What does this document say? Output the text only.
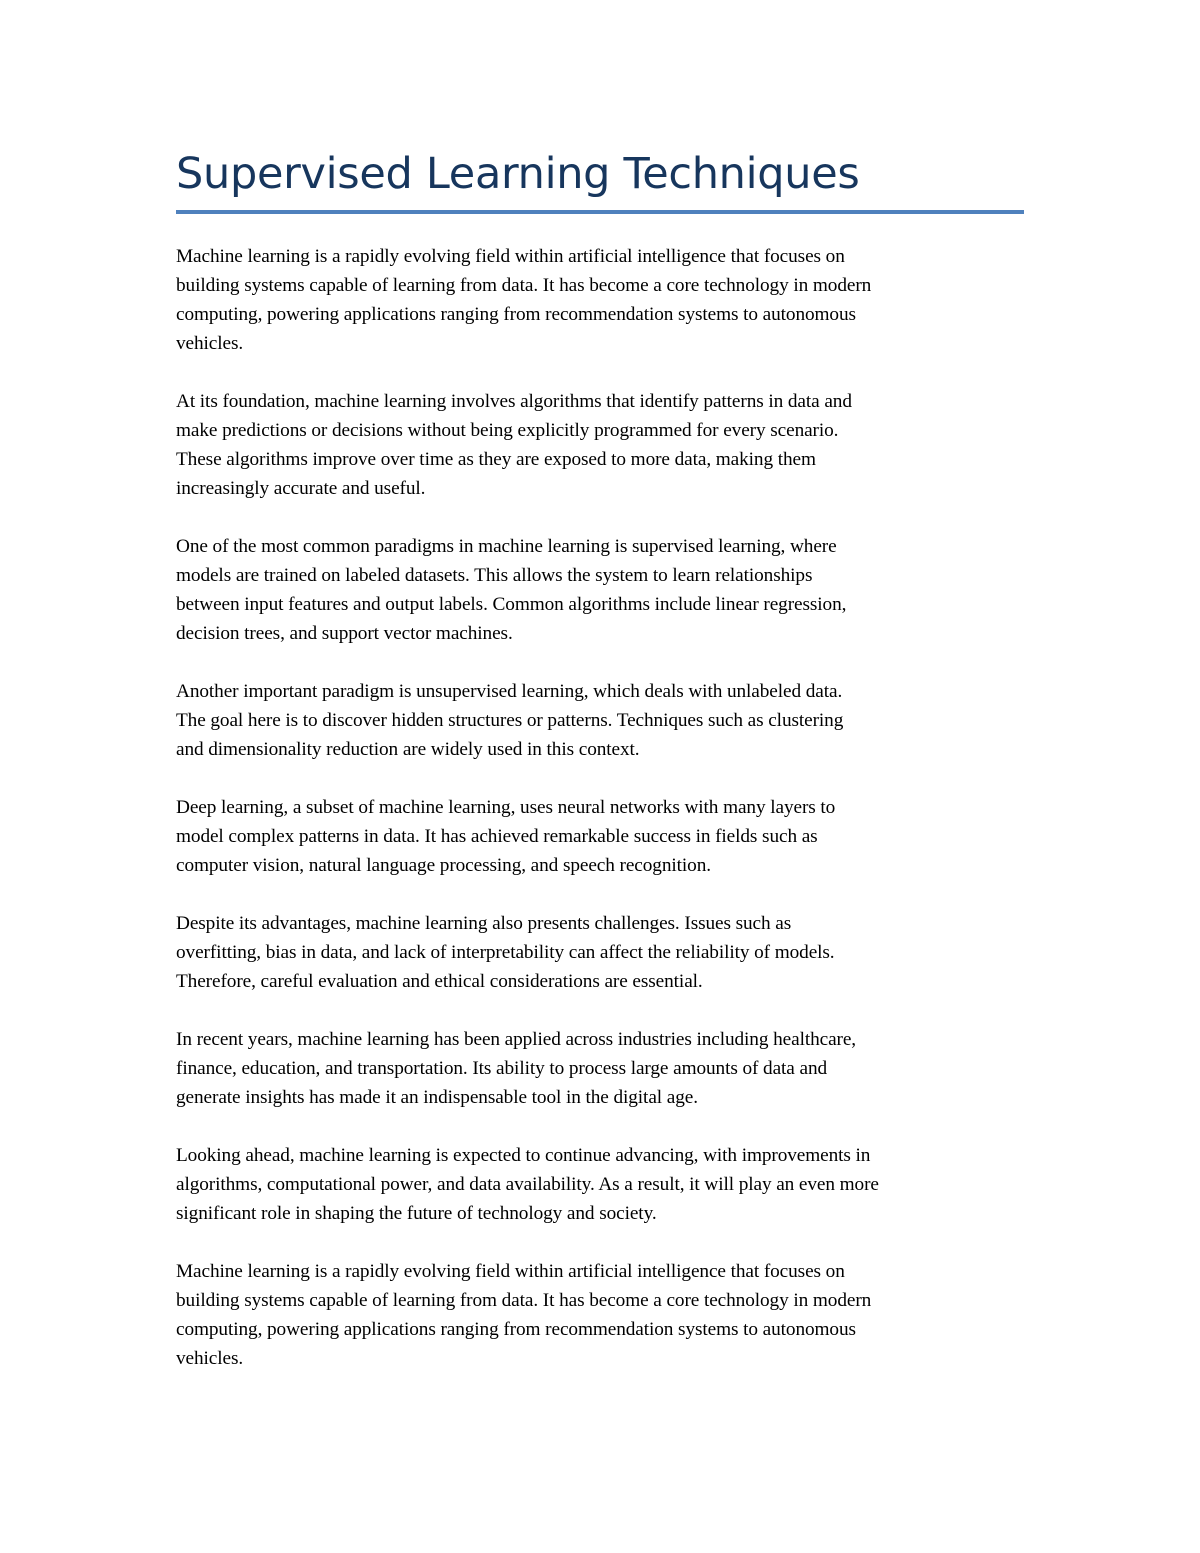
Supervised Learning Techniques

Machine learning is a rapidly evolving field within artificial intelligence that focuses on
building systems capable of learning from data. It has become a core technology in modern
computing, powering applications ranging from recommendation systems to autonomous
vehicles.

At its foundation, machine learning involves algorithms that identify patterns in data and
make predictions or decisions without being explicitly programmed for every scenario.
These algorithms improve over time as they are exposed to more data, making them
increasingly accurate and useful.

One of the most common paradigms in machine learning is supervised learning, where
models are trained on labeled datasets. This allows the system to learn relationships
between input features and output labels. Common algorithms include linear regression,
decision trees, and support vector machines.

Another important paradigm is unsupervised learning, which deals with unlabeled data.
The goal here is to discover hidden structures or patterns. Techniques such as clustering
and dimensionality reduction are widely used in this context.

Deep learning, a subset of machine learning, uses neural networks with many layers to
model complex patterns in data. It has achieved remarkable success in fields such as
computer vision, natural language processing, and speech recognition.

Despite its advantages, machine learning also presents challenges. Issues such as
overfitting, bias in data, and lack of interpretability can affect the reliability of models.
Therefore, careful evaluation and ethical considerations are essential.

In recent years, machine learning has been applied across industries including healthcare,
finance, education, and transportation. Its ability to process large amounts of data and
generate insights has made it an indispensable tool in the digital age.

Looking ahead, machine learning is expected to continue advancing, with improvements in
algorithms, computational power, and data availability. As a result, it will play an even more
significant role in shaping the future of technology and society.

Machine learning is a rapidly evolving field within artificial intelligence that focuses on
building systems capable of learning from data. It has become a core technology in modern
computing, powering applications ranging from recommendation systems to autonomous
vehicles.
